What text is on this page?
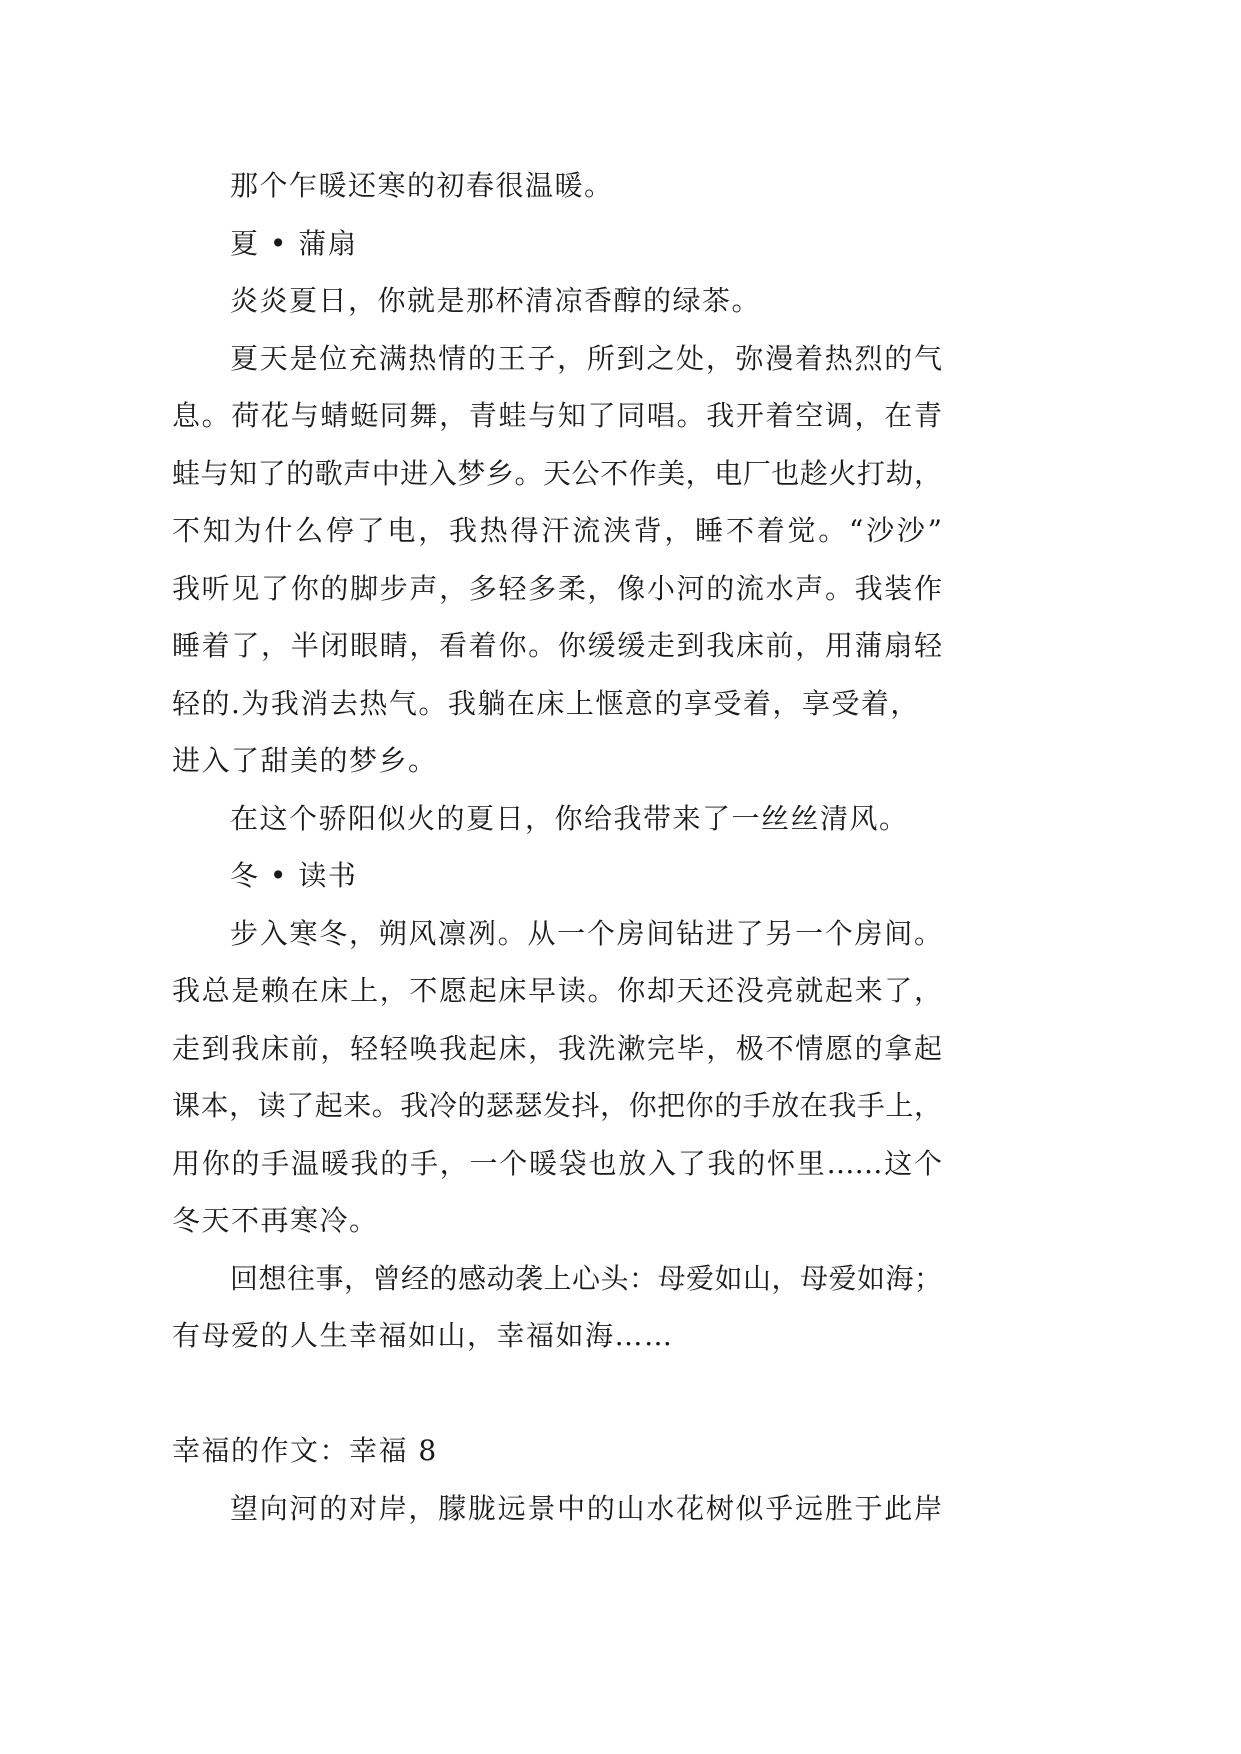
那个乍暖还寒的初春很温暖。
夏 • 蒲扇
炎炎夏日，你就是那杯清凉香醇的绿茶。
夏天是位充满热情的王子，所到之处，弥漫着热烈的气
息。荷花与蜻蜓同舞，青蛙与知了同唱。我开着空调，在青
蛙与知了的歌声中进入梦乡。天公不作美，电厂也趁火打劫，
不知为什么停了电，我热得汗流浃背，睡不着觉。“沙沙”
我听见了你的脚步声，多轻多柔，像小河的流水声。我装作
睡着了，半闭眼睛，看着你。你缓缓走到我床前，用蒲扇轻
轻的.为我消去热气。我躺在床上惬意的享受着，享受着，
进入了甜美的梦乡。
在这个骄阳似火的夏日，你给我带来了一丝丝清风。
冬 • 读书
步入寒冬，朔风凛冽。从一个房间钻进了另一个房间。
我总是赖在床上，不愿起床早读。你却天还没亮就起来了，
走到我床前，轻轻唤我起床，我洗漱完毕，极不情愿的拿起
课本，读了起来。我冷的瑟瑟发抖，你把你的手放在我手上，
用你的手温暖我的手，一个暖袋也放入了我的怀里……这个
冬天不再寒冷。
回想往事，曾经的感动袭上心头：母爱如山，母爱如海；
有母爱的人生幸福如山，幸福如海……
幸福的作文：幸福 8
望向河的对岸，朦胧远景中的山水花树似乎远胜于此岸
